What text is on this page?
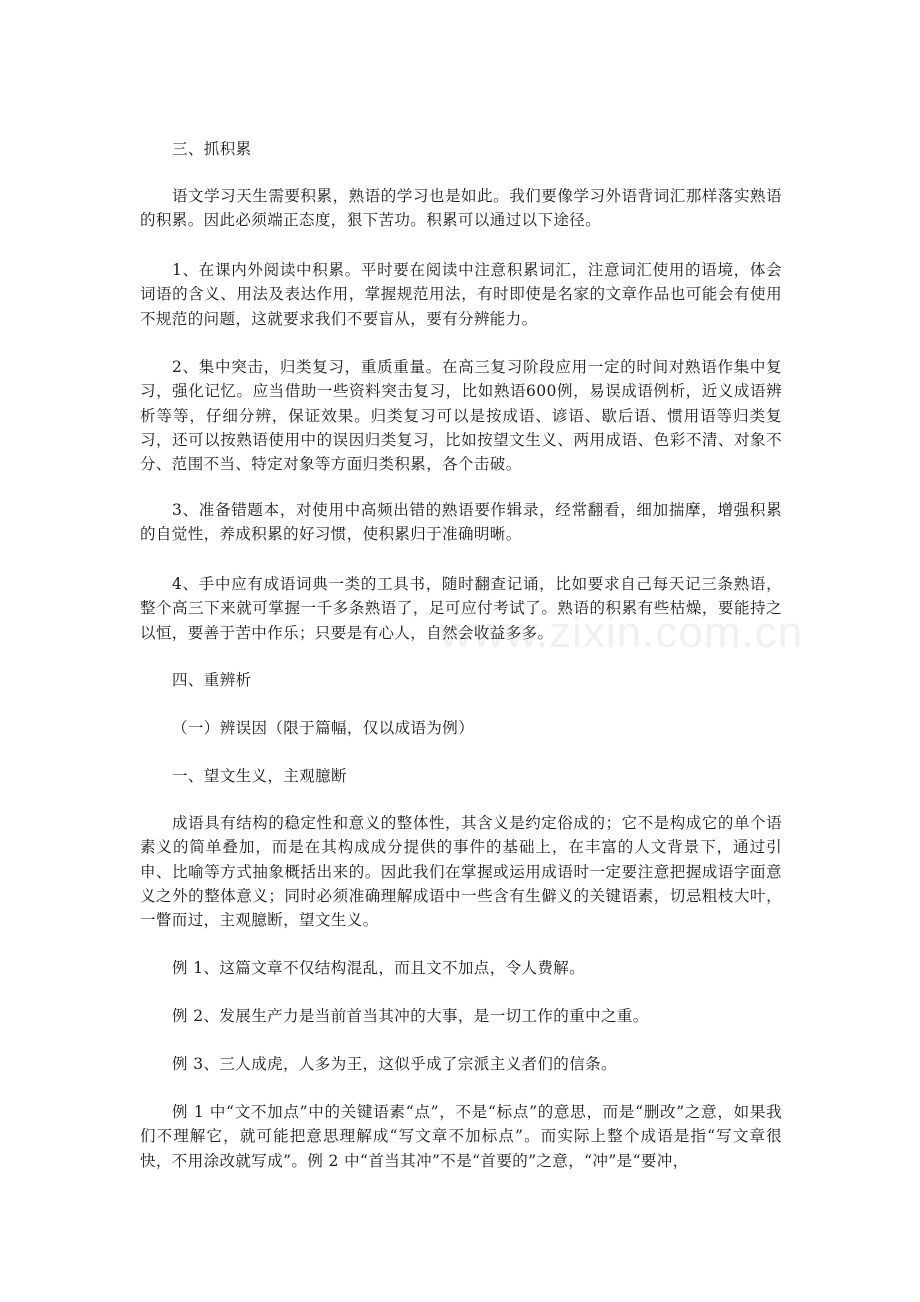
www.zixin.com.cn
三、抓积累
语文学习天生需要积累，熟语的学习也是如此。我们要像学习外语背词汇那样落实熟语的积累。因此必须端正态度，狠下苦功。积累可以通过以下途径。
1、在课内外阅读中积累。平时要在阅读中注意积累词汇，注意词汇使用的语境，体会词语的含义、用法及表达作用，掌握规范用法，有时即使是名家的文章作品也可能会有使用不规范的问题，这就要求我们不要盲从，要有分辨能力。
2、集中突击，归类复习，重质重量。在高三复习阶段应用一定的时间对熟语作集中复习，强化记忆。应当借助一些资料突击复习，比如熟语600例，易误成语例析，近义成语辨析等等，仔细分辨，保证效果。归类复习可以是按成语、谚语、歇后语、惯用语等归类复习，还可以按熟语使用中的误因归类复习，比如按望文生义、两用成语、色彩不清、对象不分、范围不当、特定对象等方面归类积累，各个击破。
3、准备错题本，对使用中高频出错的熟语要作辑录，经常翻看，细加揣摩，增强积累的自觉性，养成积累的好习惯，使积累归于准确明晰。
4、手中应有成语词典一类的工具书，随时翻查记诵，比如要求自己每天记三条熟语，整个高三下来就可掌握一千多条熟语了，足可应付考试了。熟语的积累有些枯燥，要能持之以恒，要善于苦中作乐；只要是有心人，自然会收益多多。
四、重辨析
（一）辨误因（限于篇幅，仅以成语为例）
一、望文生义，主观臆断
成语具有结构的稳定性和意义的整体性，其含义是约定俗成的；它不是构成它的单个语素义的简单叠加，而是在其构成成分提供的事件的基础上，在丰富的人文背景下，通过引申、比喻等方式抽象概括出来的。因此我们在掌握或运用成语时一定要注意把握成语字面意义之外的整体意义；同时必须准确理解成语中一些含有生僻义的关键语素，切忌粗枝大叶，一瞥而过，主观臆断，望文生义。
例 1、这篇文章不仅结构混乱，而且文不加点，令人费解。
例 2、发展生产力是当前首当其冲的大事，是一切工作的重中之重。
例 3、三人成虎，人多为王，这似乎成了宗派主义者们的信条。
例 1 中“文不加点”中的关键语素“点”，不是“标点”的意思，而是“删改”之意，如果我们不理解它，就可能把意思理解成“写文章不加标点”。而实际上整个成语是指“写文章很快，不用涂改就写成”。例 2 中“首当其冲”不是“首要的”之意，“冲”是“要冲，
